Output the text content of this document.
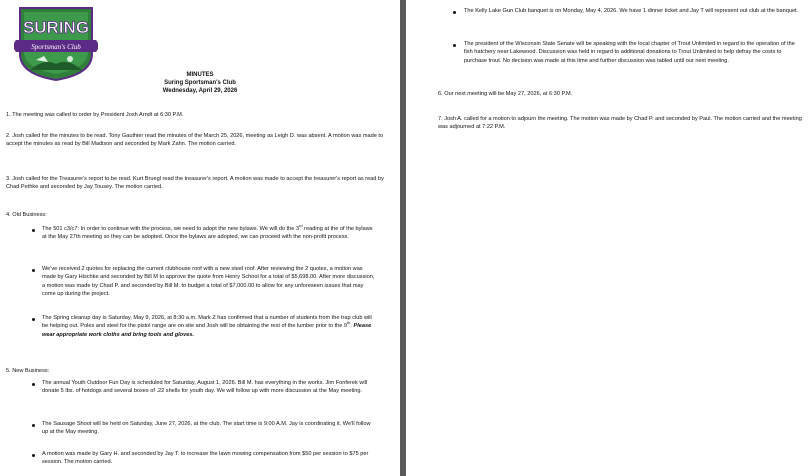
SURING
Sportsman's Club
MINUTES
Suring Sportsman's Club
Wednesday, April 29, 2026

1. The meeting was called to order by President Josh Arndt at 6:30 P.M.

2. Josh called for the minutes to be read. Tony Gauthier read the minutes of the March 25, 2026, meeting as Leigh D. was absent. A motion was made to accept the minutes as read by Bill Madison and seconded by Mark Zahn. The motion carried.

3. Josh called for the Treasurer's report to be read. Kurt Bruegl read the treasurer's report. A motion was made to accept the treasurer's report as read by Chad Pethke and seconded by Jay Tousey. The motion carried.

4. Old Business:

The 501 c3/c7: In order to continue with the process, we need to adopt the new bylaws. We will do the 3rd reading at the of the bylaws at the May 27th meeting so they can be adopted. Once the bylaws are adopted, we can proceed with the non-profit process.
We've received 2 quotes for replacing the current clubhouse roof with a new steel roof. After reviewing the 2 quotes, a motion was made by Gary Hischke and seconded by Bill M to approve the quote from Henry School for a total of $5,698.00. After more discussion, a motion was made by Chad P. and seconded by Bill M. to budget a total of $7,000.00 to allow for any unforeseen issues that may come up during the project.
The Spring cleanup day is Saturday, May 9, 2026, at 8:30 a.m. Mark Z has confirmed that a number of students from the trap club will be helping out. Poles and steel for the pistol range are on site and Josh will be obtaining the rest of the lumber prior to the 9th. Please wear appropriate work cloths and bring tools and gloves.

5. New Business:

The annual Youth Outdoor Fun Day is scheduled for Saturday, August 1, 2026. Bill M. has everything in the works. Jim Fonferek will donate 5 lbs. of hotdogs and several boxes of .22 shells for youth day. We will follow up with more discussion at the May meeting.
The Sausage Shoot will be held on Saturday, June 27, 2026, at the club. The start time is 9:00 A.M. Jay is coordinating it. We'll follow up at the May meeting.
A motion was made by Gary H. and seconded by Jay T. to increase the lawn mowing compensation from $50 per session to $75 per session. The motion carried.
The Kelly Lake Gun Club banquet is on Monday, May 4, 2026. We have 1 dinner ticket and Jay T will represent out club at the banquet.
The president of the Wisconsin State Senate will be speaking with the local chapter of Trout Unlimited in regard to the operation of the fish hatchery near Lakewood. Discussion was held in regard to additional donations to Trout Unlimited to help defray the costs to purchase trout. No decision was made at this time and further discussion was tabled until our next meeting.

6. Our next meeting will be May 27, 2026, at 6:30 P.M.

7. Josh A. called for a motion to adjourn the meeting. The motion was made by Chad P. and seconded by Paul. The motion carried and the meeting was adjourned at 7:22 P.M.
